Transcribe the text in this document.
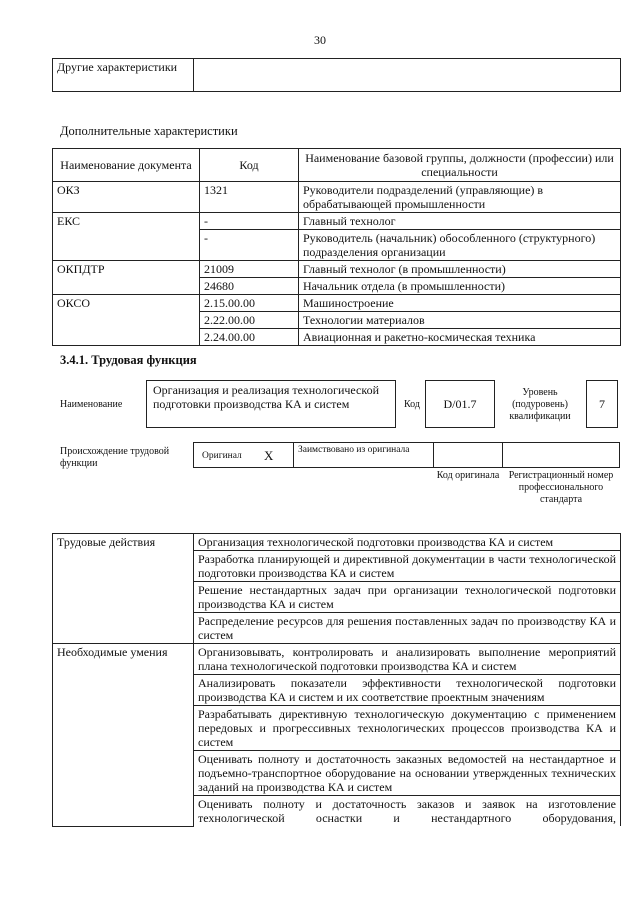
30
Другие характеристики	
Дополнительные характеристики
Наименование документа	Код	Наименование базовой группы, должности (профессии) или специальности
ОКЗ	1321	Руководители подразделений (управляющие) в обрабатывающей промышленности
ЕКС	-	Главный технолог
	-	Руководитель (начальник) обособленного (структурного) подразделения организации
ОКПДТР	21009	Главный технолог (в промышленности)
	24680	Начальник отдела (в промышленности)
ОКСО	2.15.00.00	Машиностроение
	2.22.00.00	Технологии материалов
	2.24.00.00	Авиационная и ракетно-космическая техника
3.4.1. Трудовая функция
Наименование
Организация и реализация технологической подготовки производства КА и систем	Код	D/01.7
Уровень (подуровень) квалификации
7
Происхождение трудовой функции
Оригинал	X	Заимствовано из оригинала
Код оригинала Регистрационный номер профессионального стандарта
Трудовые действия	Организация технологической подготовки производства КА и систем
	Разработка планирующей и директивной документации в части технологической подготовки производства КА и систем
	Решение нестандартных задач при организации технологической подготовки производства КА и систем
	Распределение ресурсов для решения поставленных задач по производству КА и систем
Необходимые умения	Организовывать, контролировать и анализировать выполнение мероприятий плана технологической подготовки производства КА и систем
	Анализировать показатели эффективности технологической подготовки производства КА и систем и их соответствие проектным значениям
	Разрабатывать директивную технологическую документацию с применением передовых и прогрессивных технологических процессов производства КА и систем
	Оценивать полноту и достаточность заказных ведомостей на нестандартное и подъемно-транспортное оборудование на основании утвержденных технических заданий на производства КА и систем
	Оценивать полноту и достаточность заказов и заявок на изготовление технологической оснастки и нестандартного оборудования,
